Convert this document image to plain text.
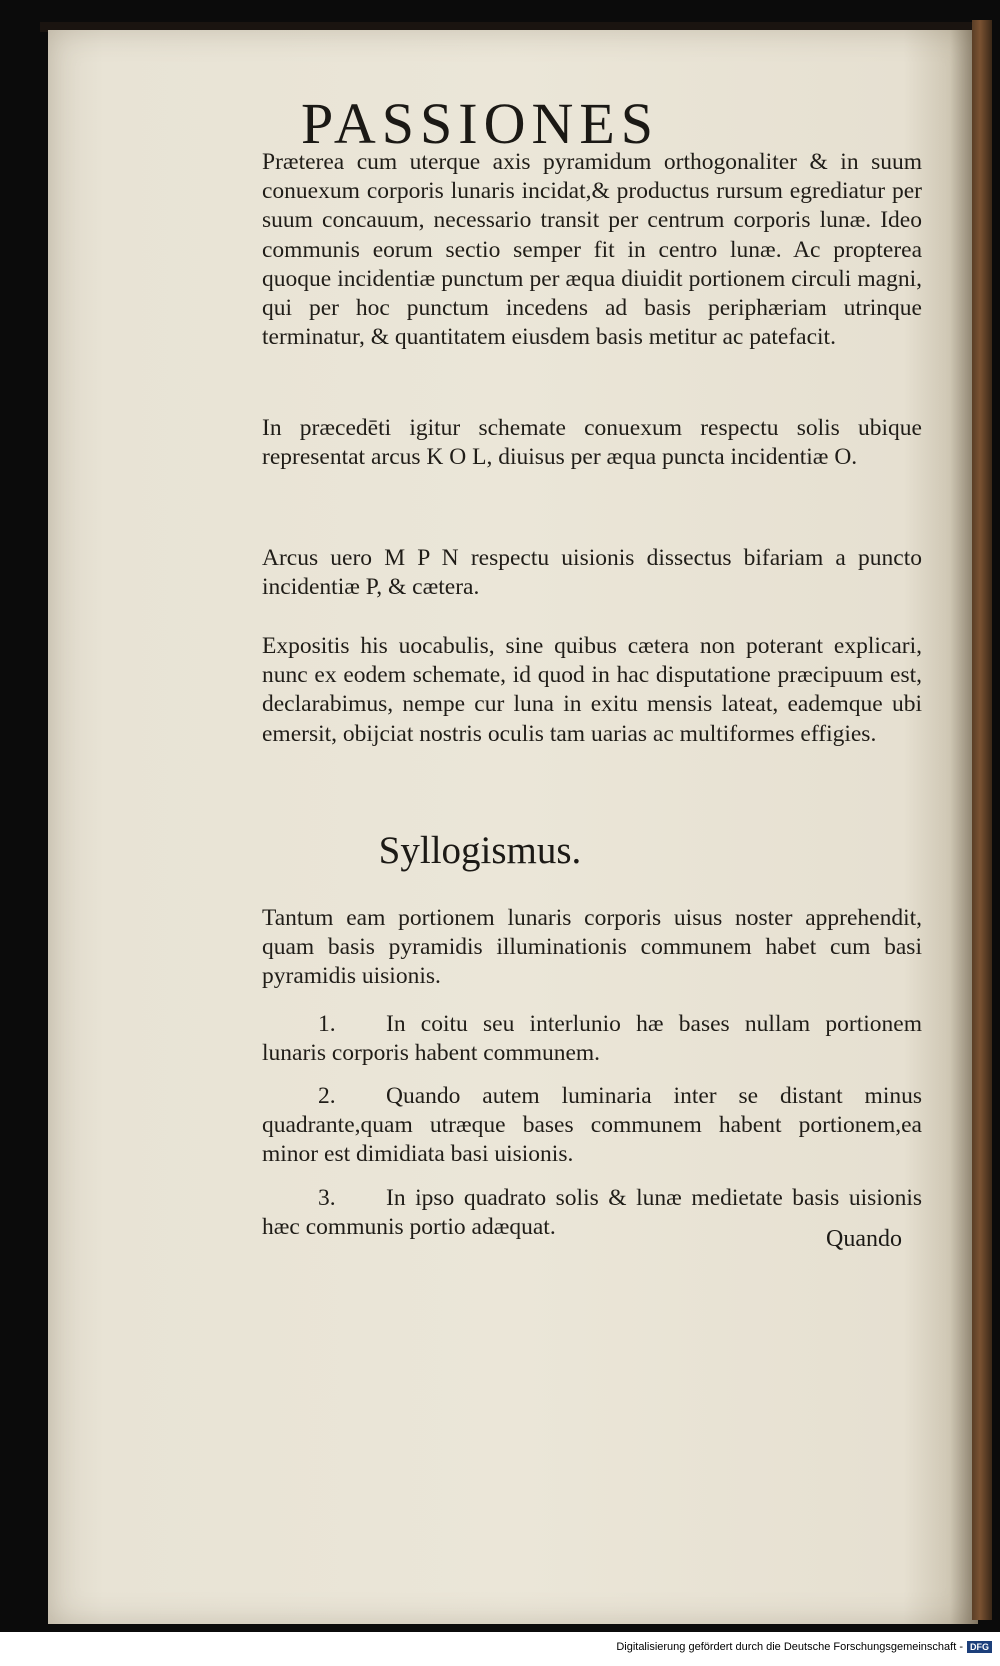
PASSIONES
Præterea cum uterque axis pyramidum orthogonaliter & in suum conuexum corporis lunaris incidat,& productus rursum egrediatur per suum concauum, necessario transit per centrum corporis lunæ. Ideo communis eorum sectio semper fit in centro lunæ. Ac propterea quoque incidentiæ punctum per æqua diuidit portionem circuli magni, qui per hoc punctum incedens ad basis periphæriam utrinque terminatur, & quantitatem eiusdem basis metitur ac patefacit.
In præcedēti igitur schemate conuexum respectu solis ubique representat arcus K O L, diuisus per æqua puncta incidentiæ O.
Arcus uero M P N respectu uisionis dissectus bifariam a puncto incidentiæ P, & cætera.
Expositis his uocabulis, sine quibus cætera non poterant explicari, nunc ex eodem schemate, id quod in hac disputatione præcipuum est, declarabimus, nempe cur luna in exitu mensis lateat, eademque ubi emersit, obijciat nostris oculis tam uarias ac multiformes effigies.
Syllogismus.
Tantum eam portionem lunaris corporis uisus noster apprehendit, quam basis pyramidis illuminationis communem habet cum basi pyramidis uisionis.
1. In coitu seu interlunio hæ bases nullam portionem lunaris corporis habent communem.
2. Quando autem luminaria inter se distant minus quadrante,quam utræque bases communem habent portionem,ea minor est dimidiata basi uisionis.
3. In ipso quadrato solis & lunæ medietate basis uisionis hæc communis portio adæquat.	Quando
Digitalisierung gefördert durch die Deutsche Forschungsgemeinschaft - DFG
